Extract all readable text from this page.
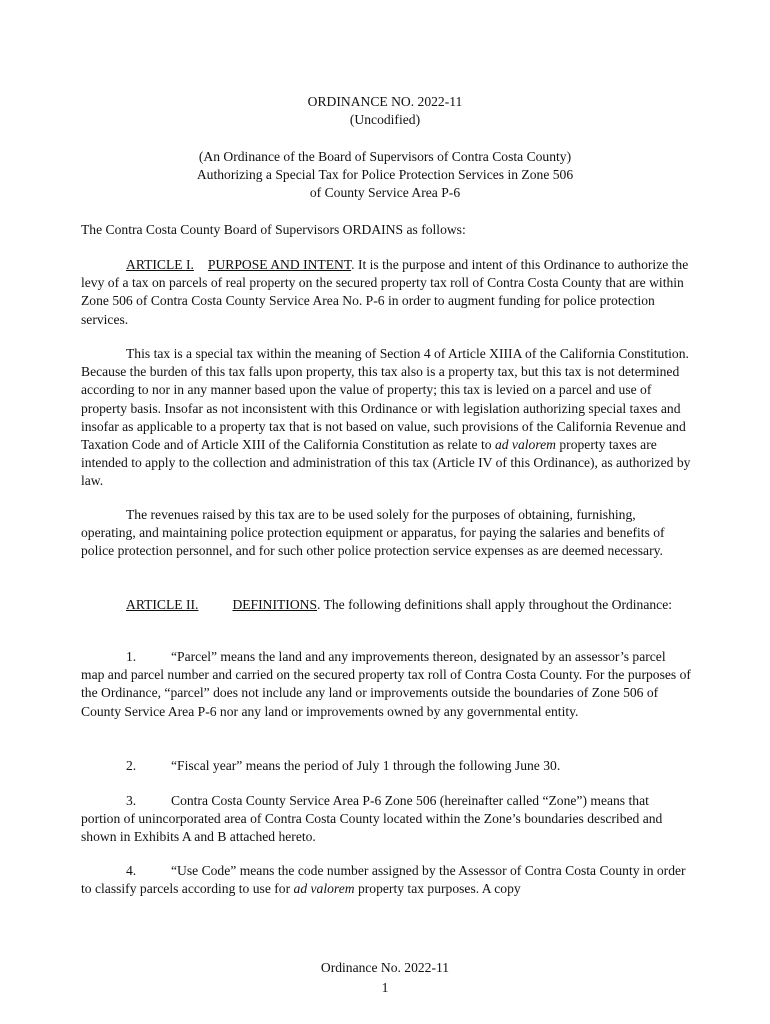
ORDINANCE NO. 2022-11
(Uncodified)
(An Ordinance of the Board of Supervisors of Contra Costa County)
Authorizing a Special Tax for Police Protection Services in Zone 506
of County Service Area P-6
The Contra Costa County Board of Supervisors ORDAINS as follows:
ARTICLE I. PURPOSE AND INTENT. It is the purpose and intent of this Ordinance to authorize the levy of a tax on parcels of real property on the secured property tax roll of Contra Costa County that are within Zone 506 of Contra Costa County Service Area No. P-6 in order to augment funding for police protection services.
This tax is a special tax within the meaning of Section 4 of Article XIIIA of the California Constitution. Because the burden of this tax falls upon property, this tax also is a property tax, but this tax is not determined according to nor in any manner based upon the value of property; this tax is levied on a parcel and use of property basis. Insofar as not inconsistent with this Ordinance or with legislation authorizing special taxes and insofar as applicable to a property tax that is not based on value, such provisions of the California Revenue and Taxation Code and of Article XIII of the California Constitution as relate to ad valorem property taxes are intended to apply to the collection and administration of this tax (Article IV of this Ordinance), as authorized by law.
The revenues raised by this tax are to be used solely for the purposes of obtaining, furnishing, operating, and maintaining police protection equipment or apparatus, for paying the salaries and benefits of police protection personnel, and for such other police protection service expenses as are deemed necessary.
ARTICLE II.	DEFINITIONS. The following definitions shall apply throughout the Ordinance:
1.	“Parcel” means the land and any improvements thereon, designated by an assessor’s parcel map and parcel number and carried on the secured property tax roll of Contra Costa County. For the purposes of the Ordinance, “parcel” does not include any land or improvements outside the boundaries of Zone 506 of County Service Area P-6 nor any land or improvements owned by any governmental entity.
2.	“Fiscal year” means the period of July 1 through the following June 30.
3.	Contra Costa County Service Area P-6 Zone 506 (hereinafter called “Zone”) means that portion of unincorporated area of Contra Costa County located within the Zone’s boundaries described and shown in Exhibits A and B attached hereto.
4.	“Use Code” means the code number assigned by the Assessor of Contra Costa County in order to classify parcels according to use for ad valorem property tax purposes. A copy
Ordinance No. 2022-11
1
